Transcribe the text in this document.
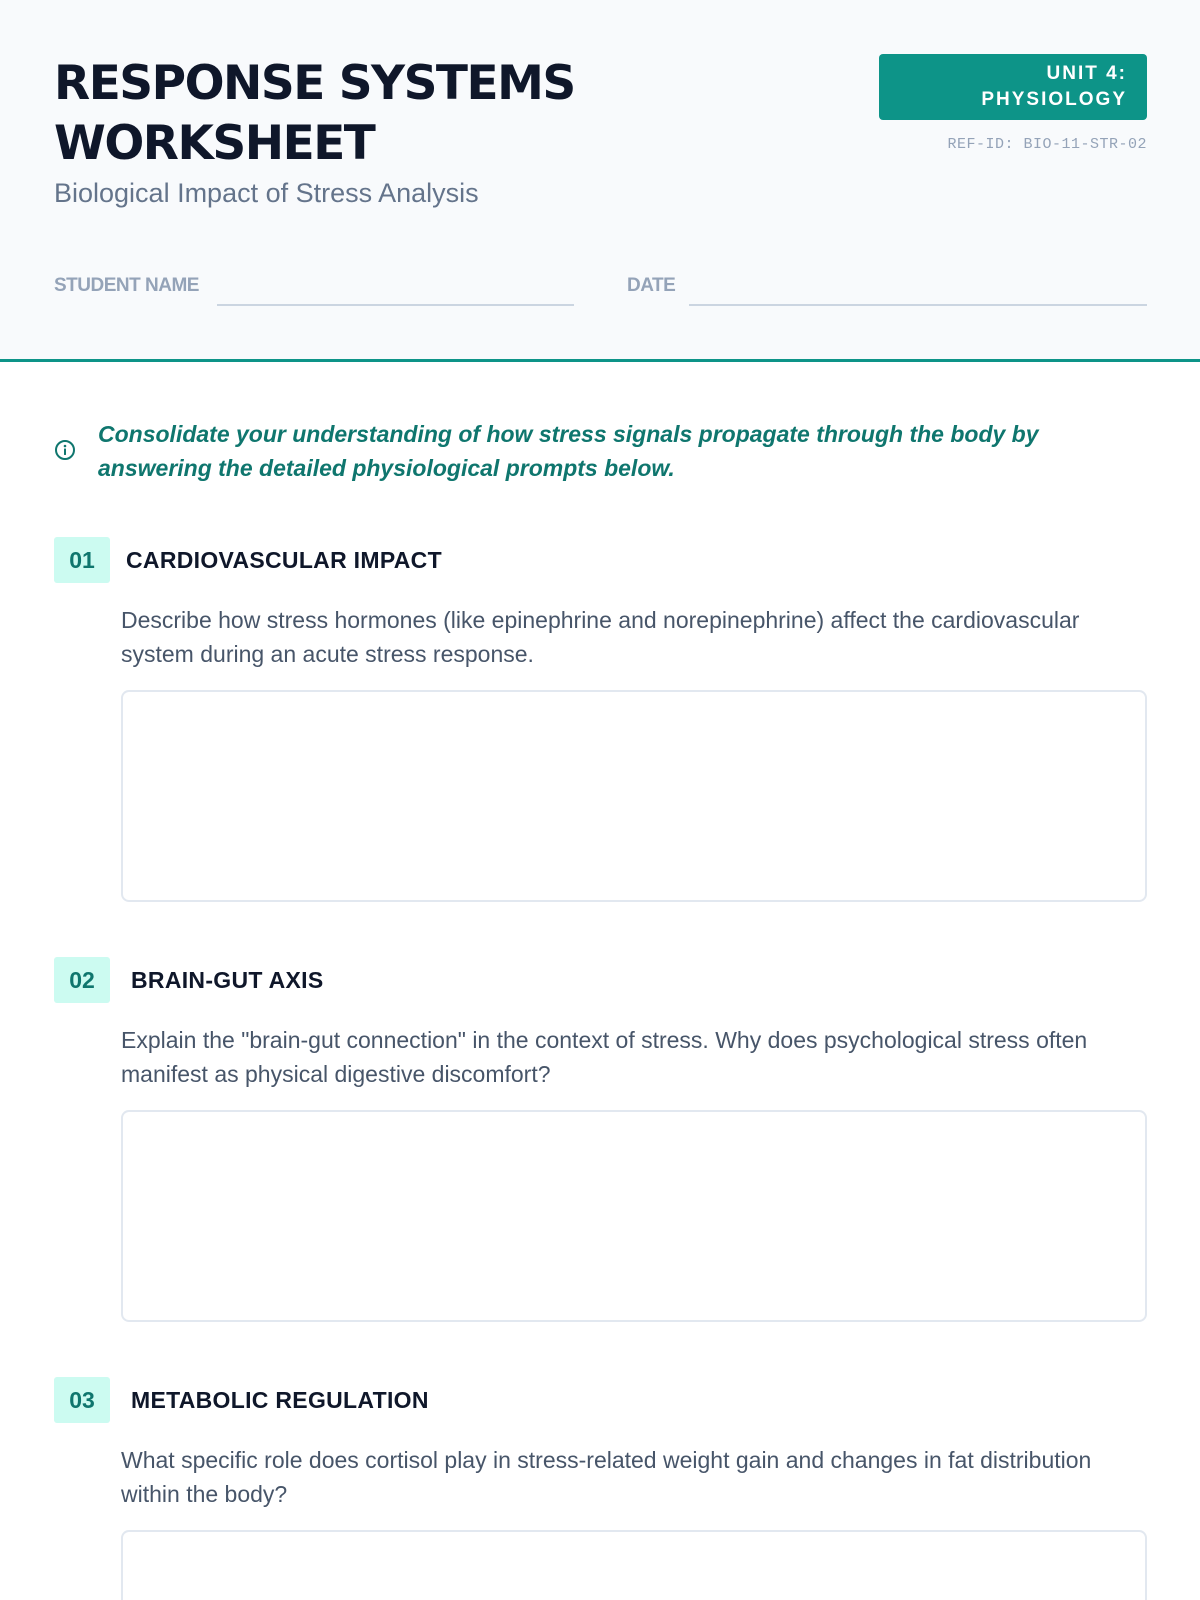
RESPONSE SYSTEMS WORKSHEET
Biological Impact of Stress Analysis
UNIT 4: PHYSIOLOGY
REF-ID: BIO-11-STR-02
STUDENT NAME	DATE

Consolidate your understanding of how stress signals propagate through the body by answering the detailed physiological prompts below.

01	CARDIOVASCULAR IMPACT

Describe how stress hormones (like epinephrine and norepinephrine) affect the cardiovascular system during an acute stress response.

02	BRAIN-GUT AXIS

Explain the "brain-gut connection" in the context of stress. Why does psychological stress often manifest as physical digestive discomfort?

03	METABOLIC REGULATION

What specific role does cortisol play in stress-related weight gain and changes in fat distribution within the body?
